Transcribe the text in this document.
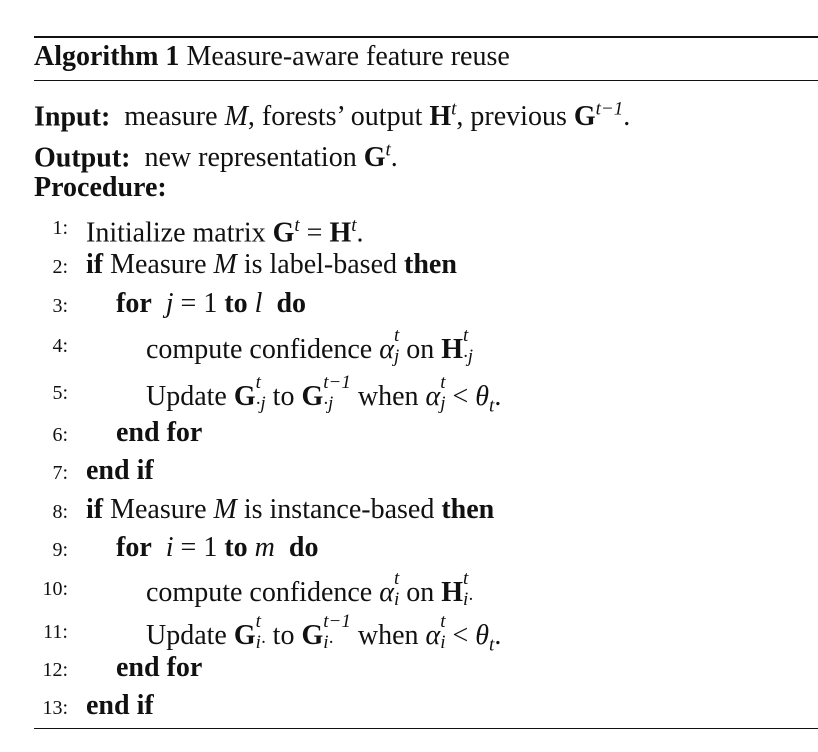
Algorithm 1 Measure-aware feature reuse
Input:  measure M, forests’ output $H^t$, previous $G^{t-1}$.
Output:  new representation $G^t$.
Procedure:
1: Initialize matrix $G^t = H^t$.
2: if Measure M is label-based then
3: for j = 1 to l do
4:	compute confidence α t
j on H t
·j
5:	Update G t
·j to G t−1
·j when α t
$j < \theta_t$.
6: end for
7: end if
8: if Measure M is instance-based then
9: for i = 1 to m do
10:	compute confidence α t
i on H t
i·
11:	Update G t
i· to G t−1
i· when α t
$i < \theta_t$.
12: end for
13: end if
